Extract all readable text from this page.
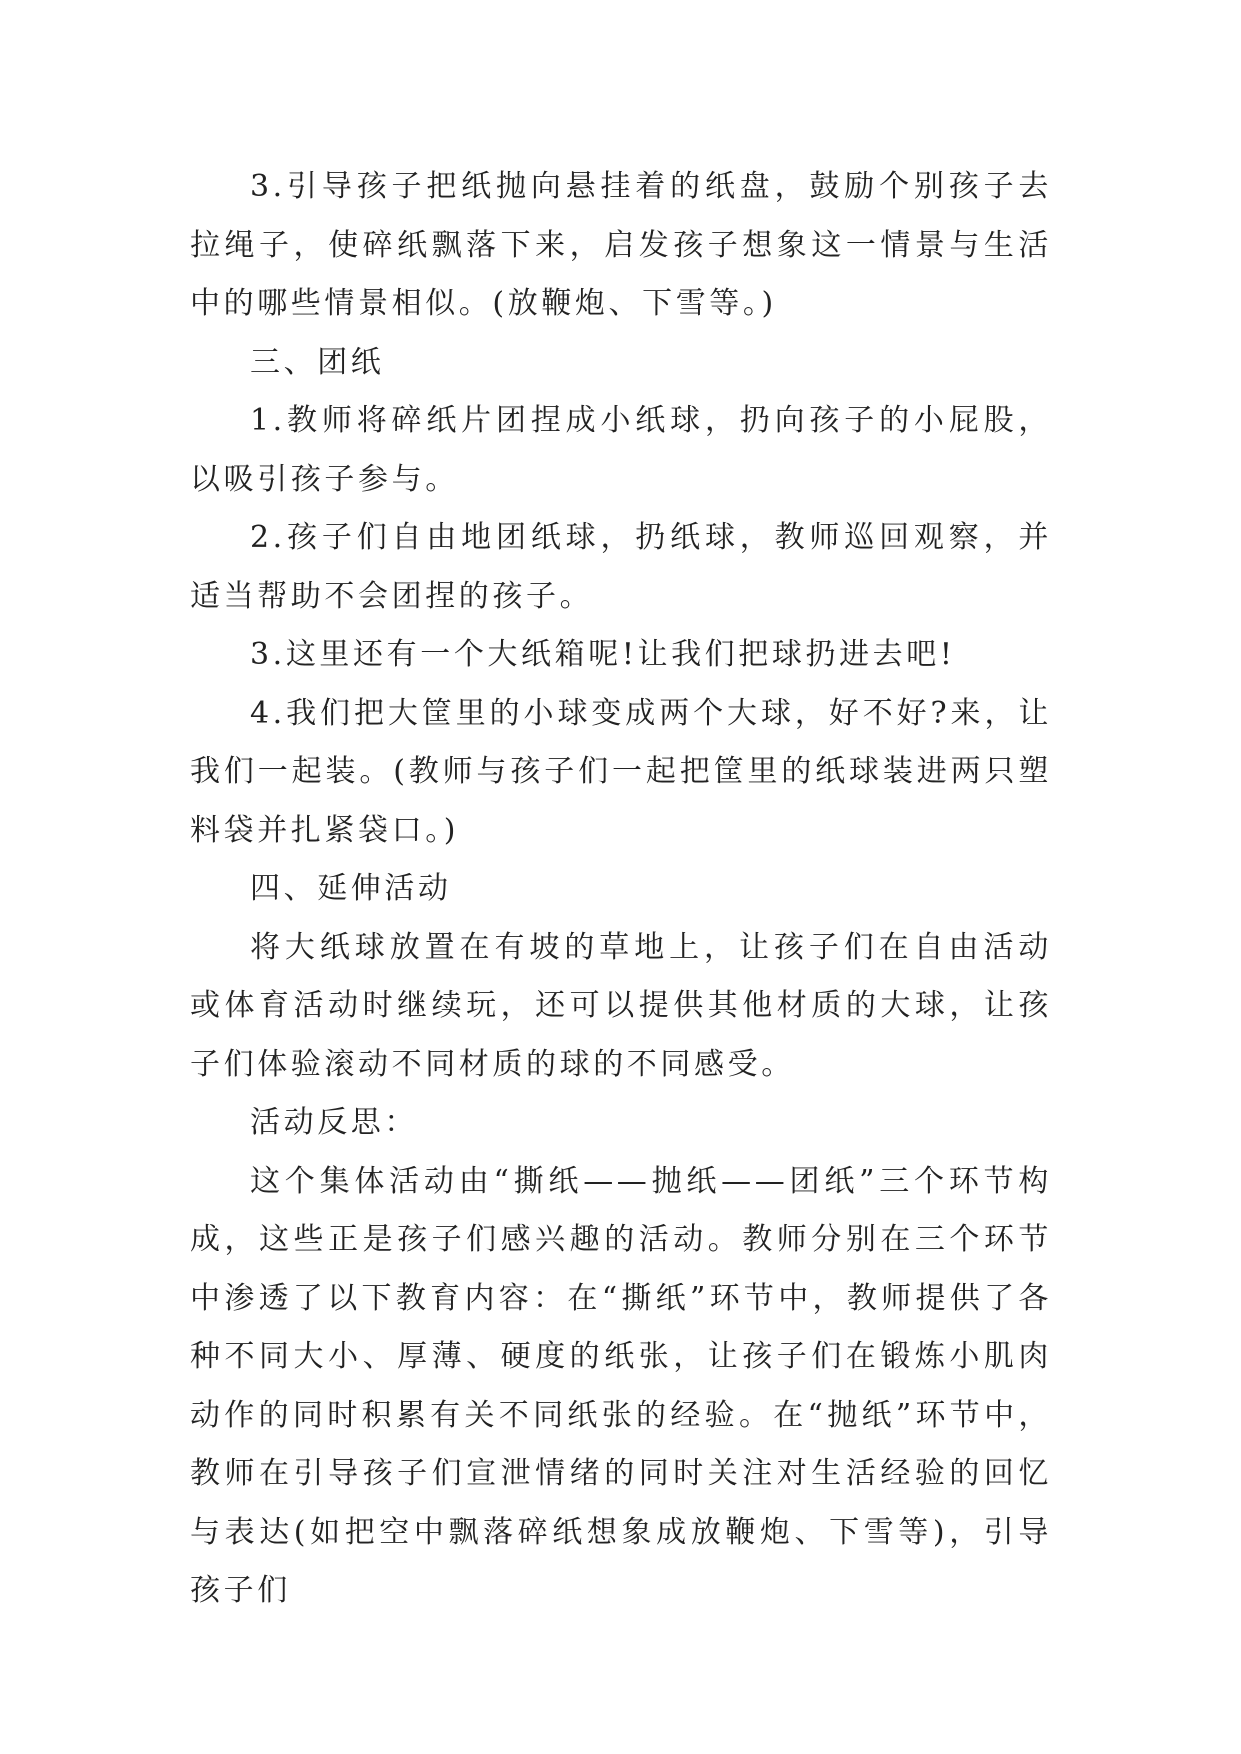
3.引导孩子把纸抛向悬挂着的纸盘，鼓励个别孩子去拉绳子，使碎纸飘落下来，启发孩子想象这一情景与生活中的哪些情景相似。(放鞭炮、下雪等。)

三、团纸

1.教师将碎纸片团捏成小纸球，扔向孩子的小屁股，以吸引孩子参与。

2.孩子们自由地团纸球，扔纸球，教师巡回观察，并适当帮助不会团捏的孩子。

3.这里还有一个大纸箱呢!让我们把球扔进去吧!

4.我们把大筐里的小球变成两个大球，好不好?来，让我们一起装。(教师与孩子们一起把筐里的纸球装进两只塑料袋并扎紧袋口。)

四、延伸活动

将大纸球放置在有坡的草地上，让孩子们在自由活动或体育活动时继续玩，还可以提供其他材质的大球，让孩子们体验滚动不同材质的球的不同感受。

活动反思：

这个集体活动由“撕纸——抛纸——团纸”三个环节构成，这些正是孩子们感兴趣的活动。教师分别在三个环节中渗透了以下教育内容：在“撕纸”环节中，教师提供了各种不同大小、厚薄、硬度的纸张，让孩子们在锻炼小肌肉动作的同时积累有关不同纸张的经验。在“抛纸”环节中，教师在引导孩子们宣泄情绪的同时关注对生活经验的回忆与表达(如把空中飘落碎纸想象成放鞭炮、下雪等)，引导孩子们
